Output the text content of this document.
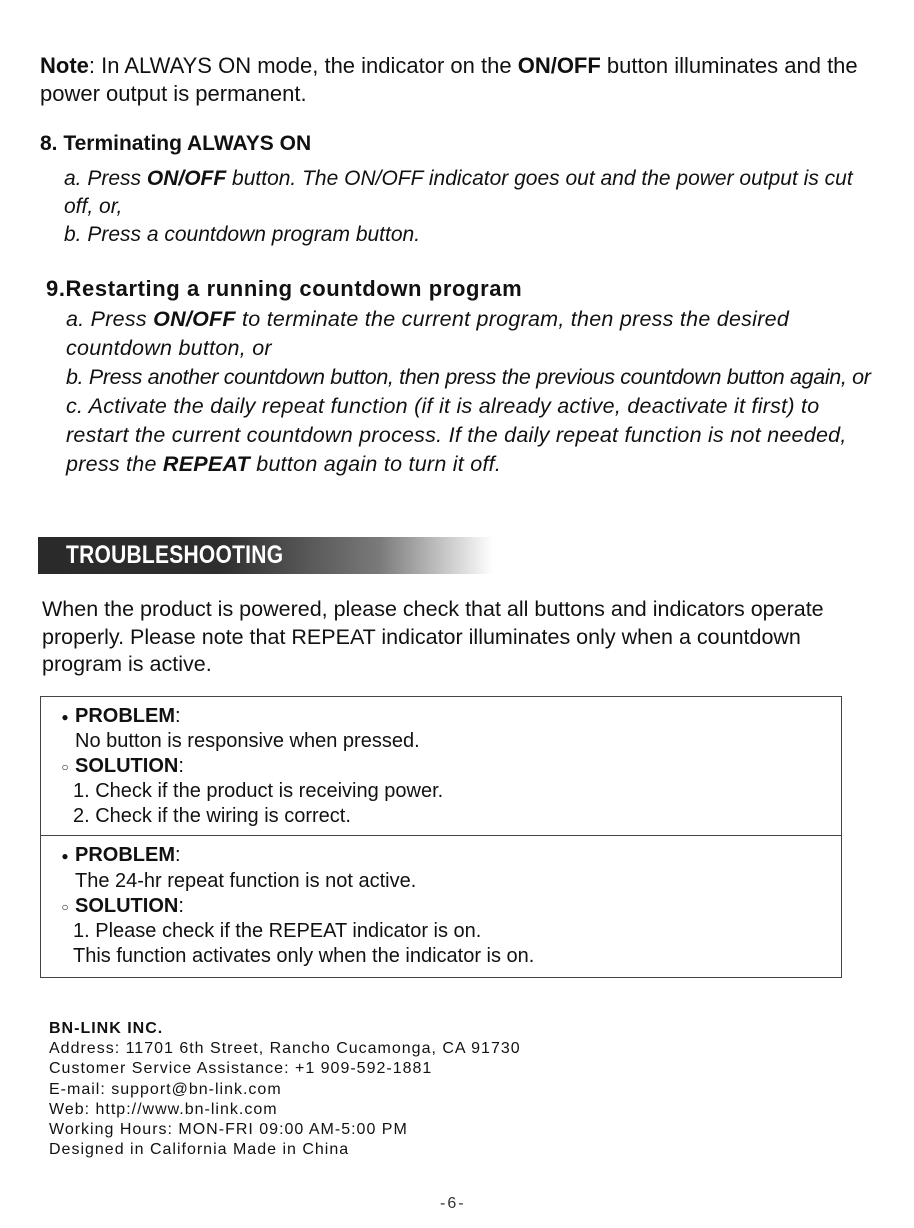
Note: In ALWAYS ON mode, the indicator on the ON/OFF button illuminates and the power output is permanent.
8. Terminating ALWAYS ON
a. Press ON/OFF button. The ON/OFF indicator goes out and the power output is cut off, or,
b. Press a countdown program button.
9.Restarting a running countdown program

a. Press ON/OFF to terminate the current program, then press the desired countdown button, or

b. Press another countdown button, then press the previous countdown button again, or

c. Activate the daily repeat function (if it is already active, deactivate it first) to restart the current countdown process. If the daily repeat function is not needed, press the REPEAT button again to turn it off.

TROUBLESHOOTING
When the product is powered, please check that all buttons and indicators operate properly. Please note that REPEAT indicator illuminates only when a countdown program is active.
● PROBLEM:
No button is responsive when pressed.
○ SOLUTION:
1. Check if the product is receiving power.
2. Check if the wiring is correct.
● PROBLEM:
The 24-hr repeat function is not active.
○ SOLUTION:
1. Please check if the REPEAT indicator is on.
This function activates only when the indicator is on.
BN-LINK INC.
Address: 11701 6th Street, Rancho Cucamonga, CA 91730
Customer Service Assistance: +1 909-592-1881
E-mail: support@bn-link.com
Web: http://www.bn-link.com
Working Hours: MON-FRI 09:00 AM-5:00 PM
Designed in California Made in China
-6-
